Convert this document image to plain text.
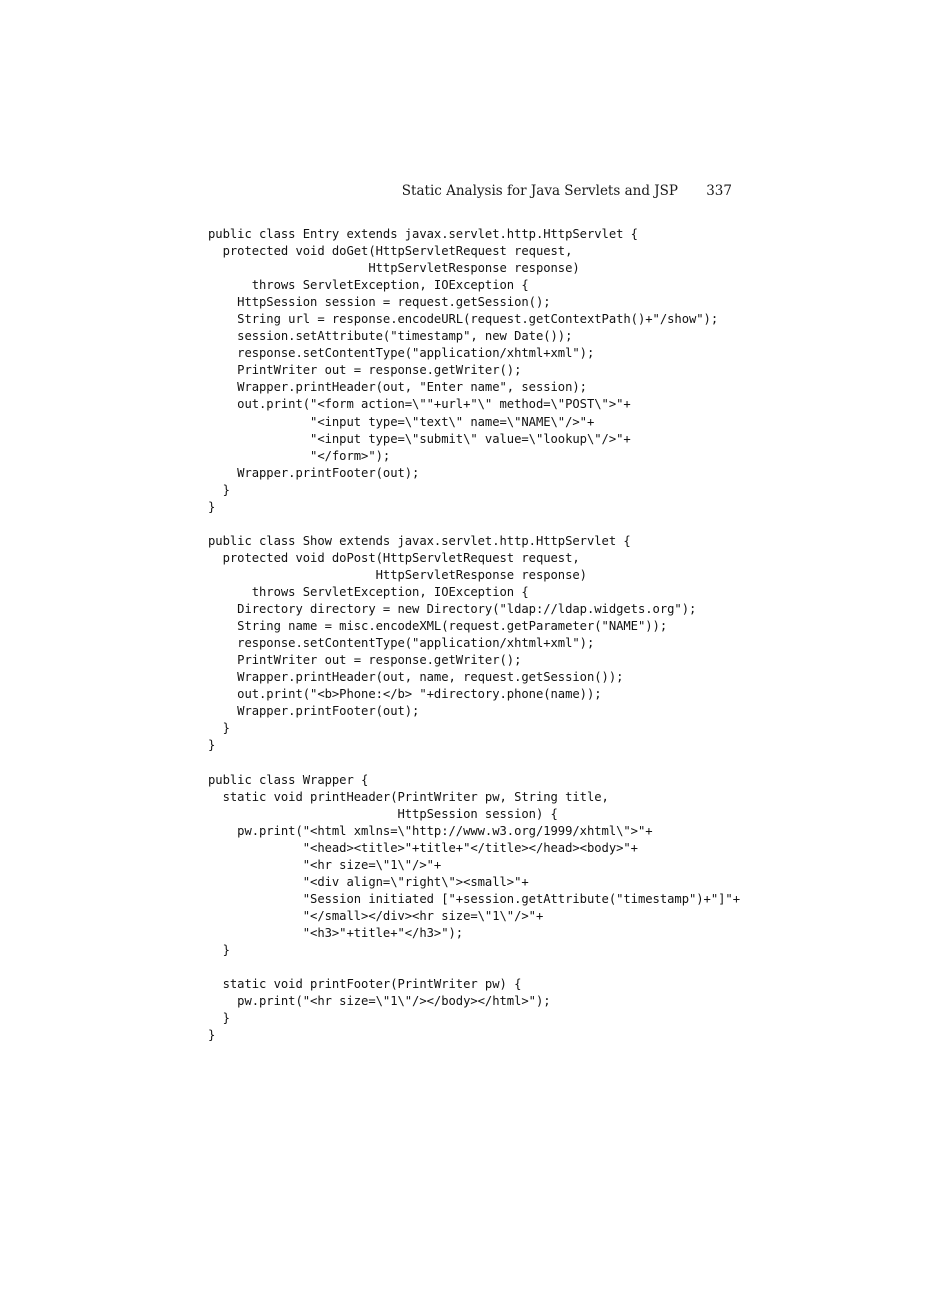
Static Analysis for Java Servlets and JSP 337
public class Entry extends javax.servlet.http.HttpServlet {
protected void doGet(HttpServletRequest request,
HttpServletResponse response)
throws ServletException, IOException {
HttpSession session = request.getSession();
String url = response.encodeURL(request.getContextPath()+"/show");
session.setAttribute("timestamp", new Date());
response.setContentType("application/xhtml+xml");
PrintWriter out = response.getWriter();
Wrapper.printHeader(out, "Enter name", session);
out.print("<form action=\""+url+"\" method=\"POST\">"+
"<input type=\"text\" name=\"NAME\"/>"+
"<input type=\"submit\" value=\"lookup\"/>"+
"</form>");
Wrapper.printFooter(out);
}
}
public class Show extends javax.servlet.http.HttpServlet {
protected void doPost(HttpServletRequest request,
HttpServletResponse response)
throws ServletException, IOException {
Directory directory = new Directory("ldap://ldap.widgets.org");
String name = misc.encodeXML(request.getParameter("NAME"));
response.setContentType("application/xhtml+xml");
PrintWriter out = response.getWriter();
Wrapper.printHeader(out, name, request.getSession());
out.print("<b>Phone:</b> "+directory.phone(name));
Wrapper.printFooter(out);
}
}
public class Wrapper {
static void printHeader(PrintWriter pw, String title,
HttpSession session) {
pw.print("<html xmlns=\"http://www.w3.org/1999/xhtml\">"+
"<head><title>"+title+"</title></head><body>"+
"<hr size=\"1\"/>"+
"<div align=\"right\"><small>"+
"Session initiated ["+session.getAttribute("timestamp")+"]"+
"</small></div><hr size=\"1\"/>"+
"<h3>"+title+"</h3>");
}
static void printFooter(PrintWriter pw) {
pw.print("<hr size=\"1\"/></body></html>");
}
}
